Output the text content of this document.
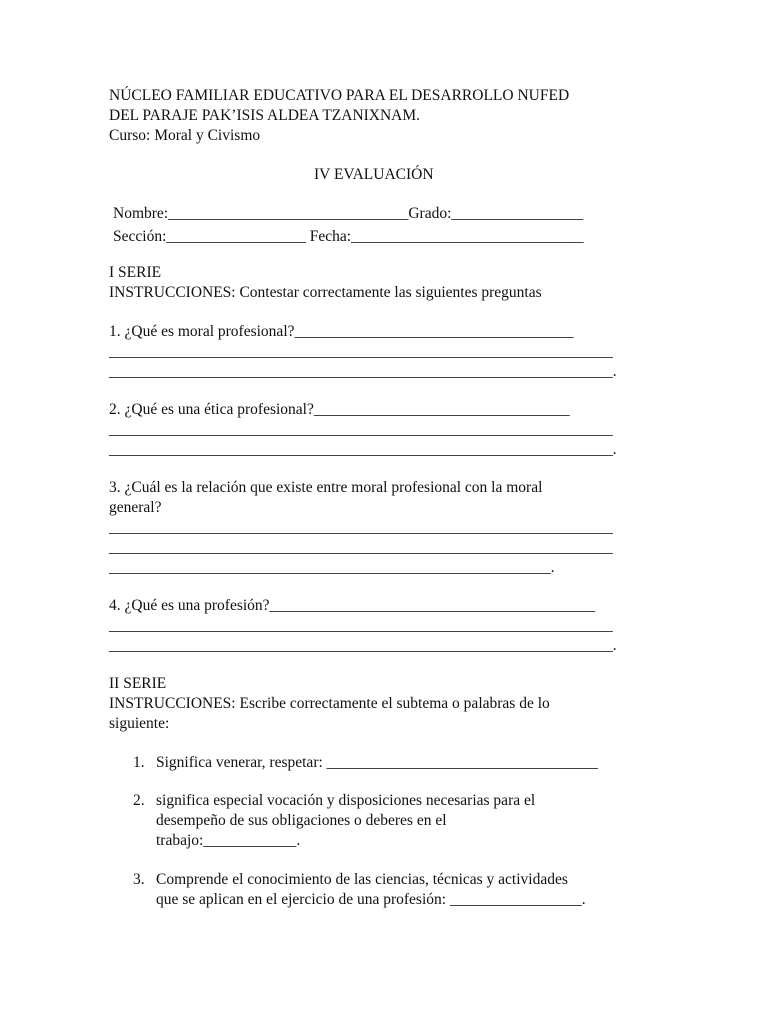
NÚCLEO FAMILIAR EDUCATIVO PARA EL DESARROLLO NUFED
DEL PARAJE PAK’ISIS ALDEA TZANIXNAM.
Curso: Moral y Civismo
IV EVALUACIÓN
Nombre:_______________________________Grado:_________________
Sección:__________________ Fecha:______________________________
I SERIE
INSTRUCCIONES: Contestar correctamente las siguientes preguntas
1. ¿Qué es moral profesional?____________________________________
_________________________________________________________________
_________________________________________________________________.
2. ¿Qué es una ética profesional?_________________________________
_________________________________________________________________
_________________________________________________________________.
3. ¿Cuál es la relación que existe entre moral profesional con la moral
general?
_________________________________________________________________
_________________________________________________________________
_________________________________________________________.
4. ¿Qué es una profesión?__________________________________________
_________________________________________________________________
_________________________________________________________________.
II SERIE
INSTRUCCIONES: Escribe correctamente el subtema o palabras de lo
siguiente:
1. Significa venerar, respetar: ___________________________________
2. significa especial vocación y disposiciones necesarias para el
desempeño de sus obligaciones o deberes en el
trabajo:____________.
3. Comprende el conocimiento de las ciencias, técnicas y actividades
que se aplican en el ejercicio de una profesión: _________________.
